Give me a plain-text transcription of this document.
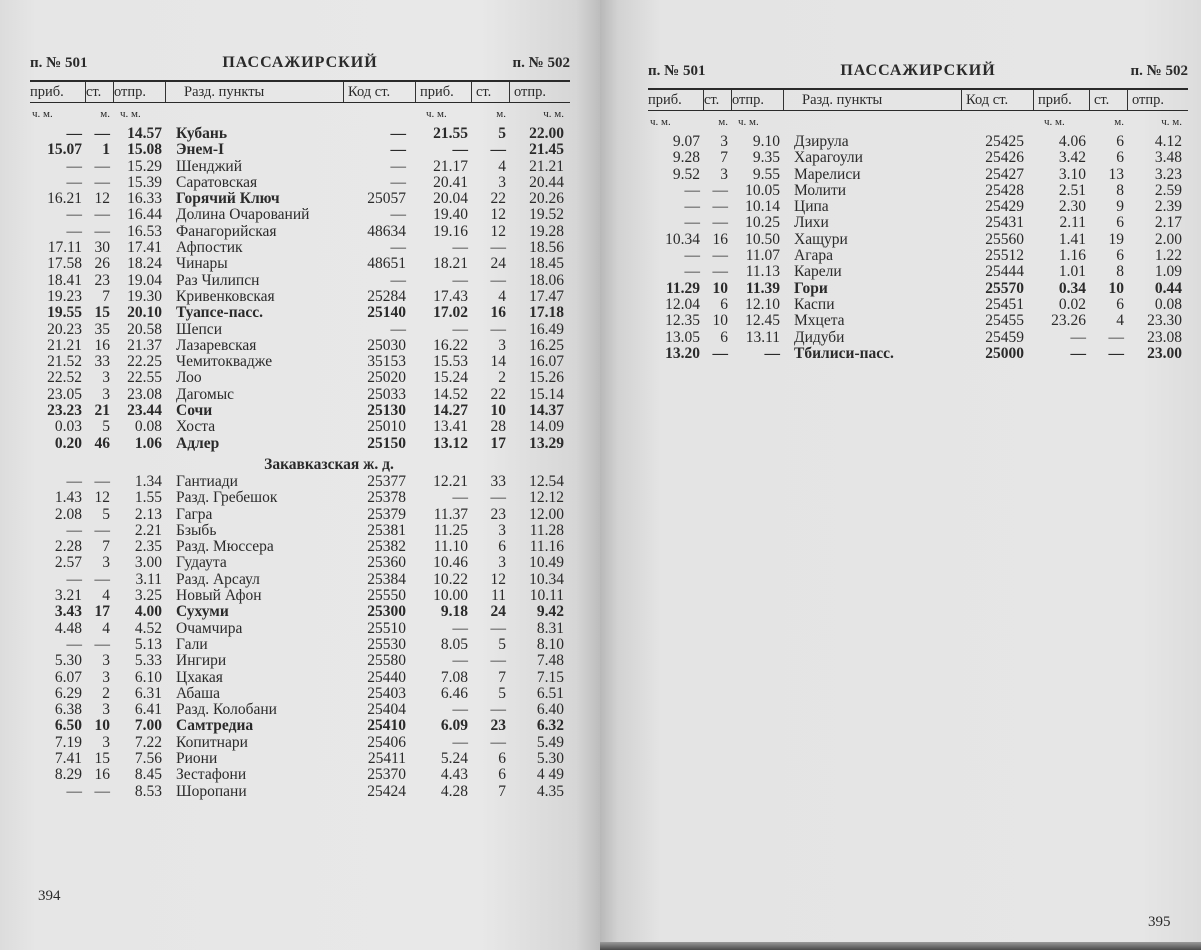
п. № 501	ПАССАЖИРСКИЙ	п. № 502
приб.	ст. отпр.	Разд. пункты	Код ст.	приб.	ст.	отпр.
ч. м.	м. ч. м.	ч. м.	м.	ч. м.
— —	14.57 Кубань	—	21.55	5	22.00
15.07	1	15.08 Энем-I	—	—	—	21.45
— —	15.29 Шенджий	—	21.17	4	21.21
— —	15.39 Саратовская	—	20.41	3	20.44
16.21 12	16.33 Горячий Ключ	25057	20.04	22	20.26
— —	16.44 Долина Очарований	—	19.40	12	19.52
— —	16.53 Фанагорийская	48634	19.16	12	19.28
17.11 30	17.41 Афпостик	—	—	—	18.56
17.58 26	18.24 Чинары	48651	18.21	24	18.45
18.41 23	19.04 Раз Чилипсн	—	—	—	18.06
19.23	7	19.30 Кривенковская	25284	17.43	4	17.47
19.55 15	20.10 Туапсе-пасс.	25140	17.02	16	17.18
20.23 35	20.58 Шепси	—	—	—	16.49
21.21 16	21.37 Лазаревская	25030	16.22	3	16.25
21.52 33	22.25 Чемитоквадже	35153	15.53	14	16.07
22.52	3	22.55 Лоо	25020	15.24	2	15.26
23.05	3	23.08 Дагомыс	25033	14.52	22	15.14
23.23 21	23.44 Сочи	25130	14.27	10	14.37
0.03	5	0.08 Хоста	25010	13.41	28	14.09
0.20 46	1.06 Адлер	25150	13.12	17	13.29
Закавказская ж. д.
— —	1.34 Гантиади	25377	12.21	33	12.54
1.43 12	1.55 Разд. Гребешок	25378	—	—	12.12
2.08	5	2.13 Гагра	25379	11.37	23	12.00
— —	2.21 Бзыбь	25381	11.25	3	11.28
2.28	7	2.35 Разд. Мюссера	25382	11.10	6	11.16
2.57	3	3.00 Гудаута	25360	10.46	3	10.49
— —	3.11 Разд. Арсаул	25384	10.22	12	10.34
3.21	4	3.25 Новый Афон	25550	10.00	11	10.11
3.43 17	4.00 Сухуми	25300	9.18	24	9.42
4.48	4	4.52 Очамчира	25510	—	—	8.31
— —	5.13 Гали	25530	8.05	5	8.10
5.30	3	5.33 Ингири	25580	—	—	7.48
6.07	3	6.10 Цхакая	25440	7.08	7	7.15
6.29	2	6.31 Абаша	25403	6.46	5	6.51
6.38	3	6.41 Разд. Колобани	25404	—	—	6.40
6.50 10	7.00 Самтредиа	25410	6.09	23	6.32
7.19	3	7.22 Копитнари	25406	—	—	5.49
7.41 15	7.56 Риони	25411	5.24	6	5.30
8.29 16	8.45 Зестафони	25370	4.43	6	4 49
— —	8.53 Шоропани	25424	4.28	7	4.35
394
п. № 501	ПАССАЖИРСКИЙ	п. № 502
приб.	ст. отпр.	Разд. пункты	Код ст.	приб.	ст.	отпр.
ч. м.	м. ч. м.	ч. м.	м.	ч. м.
9.07	3	9.10 Дзирула	25425	4.06	6	4.12
9.28	7	9.35 Харагоули	25426	3.42	6	3.48
9.52	3	9.55 Марелиси	25427	3.10	13	3.23
— —	10.05 Молити	25428	2.51	8	2.59
— —	10.14 Ципа	25429	2.30	9	2.39
— —	10.25 Лихи	25431	2.11	6	2.17
10.34 16	10.50 Хащури	25560	1.41	19	2.00
— —	11.07 Агара	25512	1.16	6	1.22
— —	11.13 Карели	25444	1.01	8	1.09
11.29 10	11.39 Гори	25570	0.34	10	0.44
12.04	6	12.10 Каспи	25451	0.02	6	0.08
12.35 10	12.45 Мхцета	25455	23.26	4	23.30
13.05	6	13.11 Дидуби	25459	—	—	23.08
13.20 —	— Тбилиси-пасс.	25000	—	—	23.00
395
